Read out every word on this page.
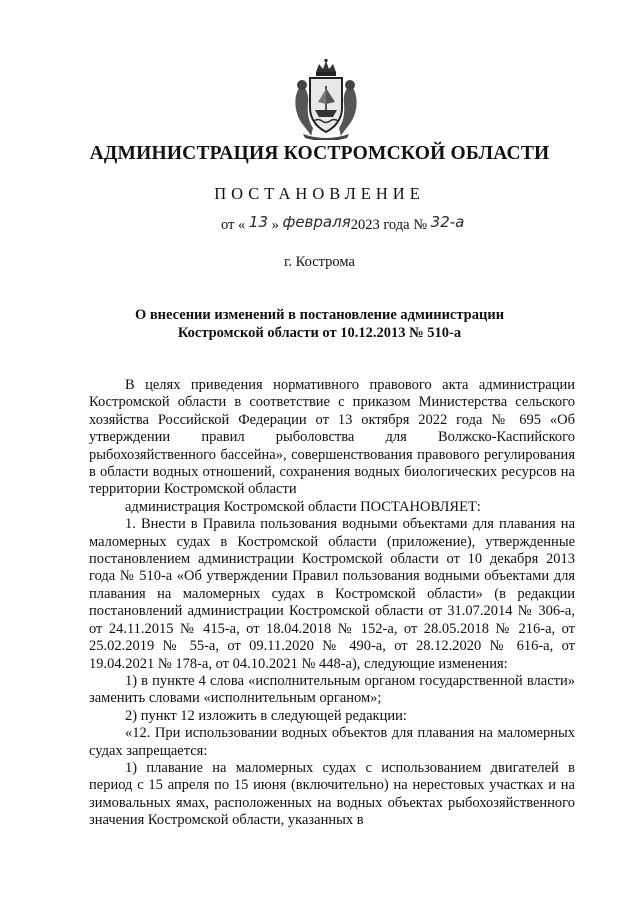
АДМИНИСТРАЦИЯ КОСТРОМСКОЙ ОБЛАСТИ
ПОСТАНОВЛЕНИЕ
от « 13 » февраля2023 года № 32-а
г. Кострома
О внесении изменений в постановление администрации
Костромской области от 10.12.2013 № 510-а

В целях приведения нормативного правового акта администрации Костромской области в соответствие с приказом Министерства сельского хозяйства Российской Федерации от 13 октября 2022 года № 695 «Об утверждении правил рыболовства для Волжско-Каспийского рыбохозяйственного бассейна», совершенствования правового регулирования в области водных отношений, сохранения водных биологических ресурсов на территории Костромской области

администрация Костромской области ПОСТАНОВЛЯЕТ:

1. Внести в Правила пользования водными объектами для плавания на маломерных судах в Костромской области (приложение), утвержденные постановлением администрации Костромской области от 10 декабря 2013 года № 510-а «Об утверждении Правил пользования водными объектами для плавания на маломерных судах в Костромской области» (в редакции постановлений администрации Костромской области от 31.07.2014 № 306-а, от 24.11.2015 № 415-а, от 18.04.2018 № 152-а, от 28.05.2018 № 216-а, от 25.02.2019 № 55-а, от 09.11.2020 № 490-а, от 28.12.2020 № 616-а, от 19.04.2021 № 178-а, от 04.10.2021 № 448-а), следующие изменения:

1) в пункте 4 слова «исполнительным органом государственной власти» заменить словами «исполнительным органом»;

2) пункт 12 изложить в следующей редакции:

«12. При использовании водных объектов для плавания на маломерных судах запрещается:

1) плавание на маломерных судах с использованием двигателей в период с 15 апреля по 15 июня (включительно) на нерестовых участках и на зимовальных ямах, расположенных на водных объектах рыбохозяйственного значения Костромской области, указанных в
